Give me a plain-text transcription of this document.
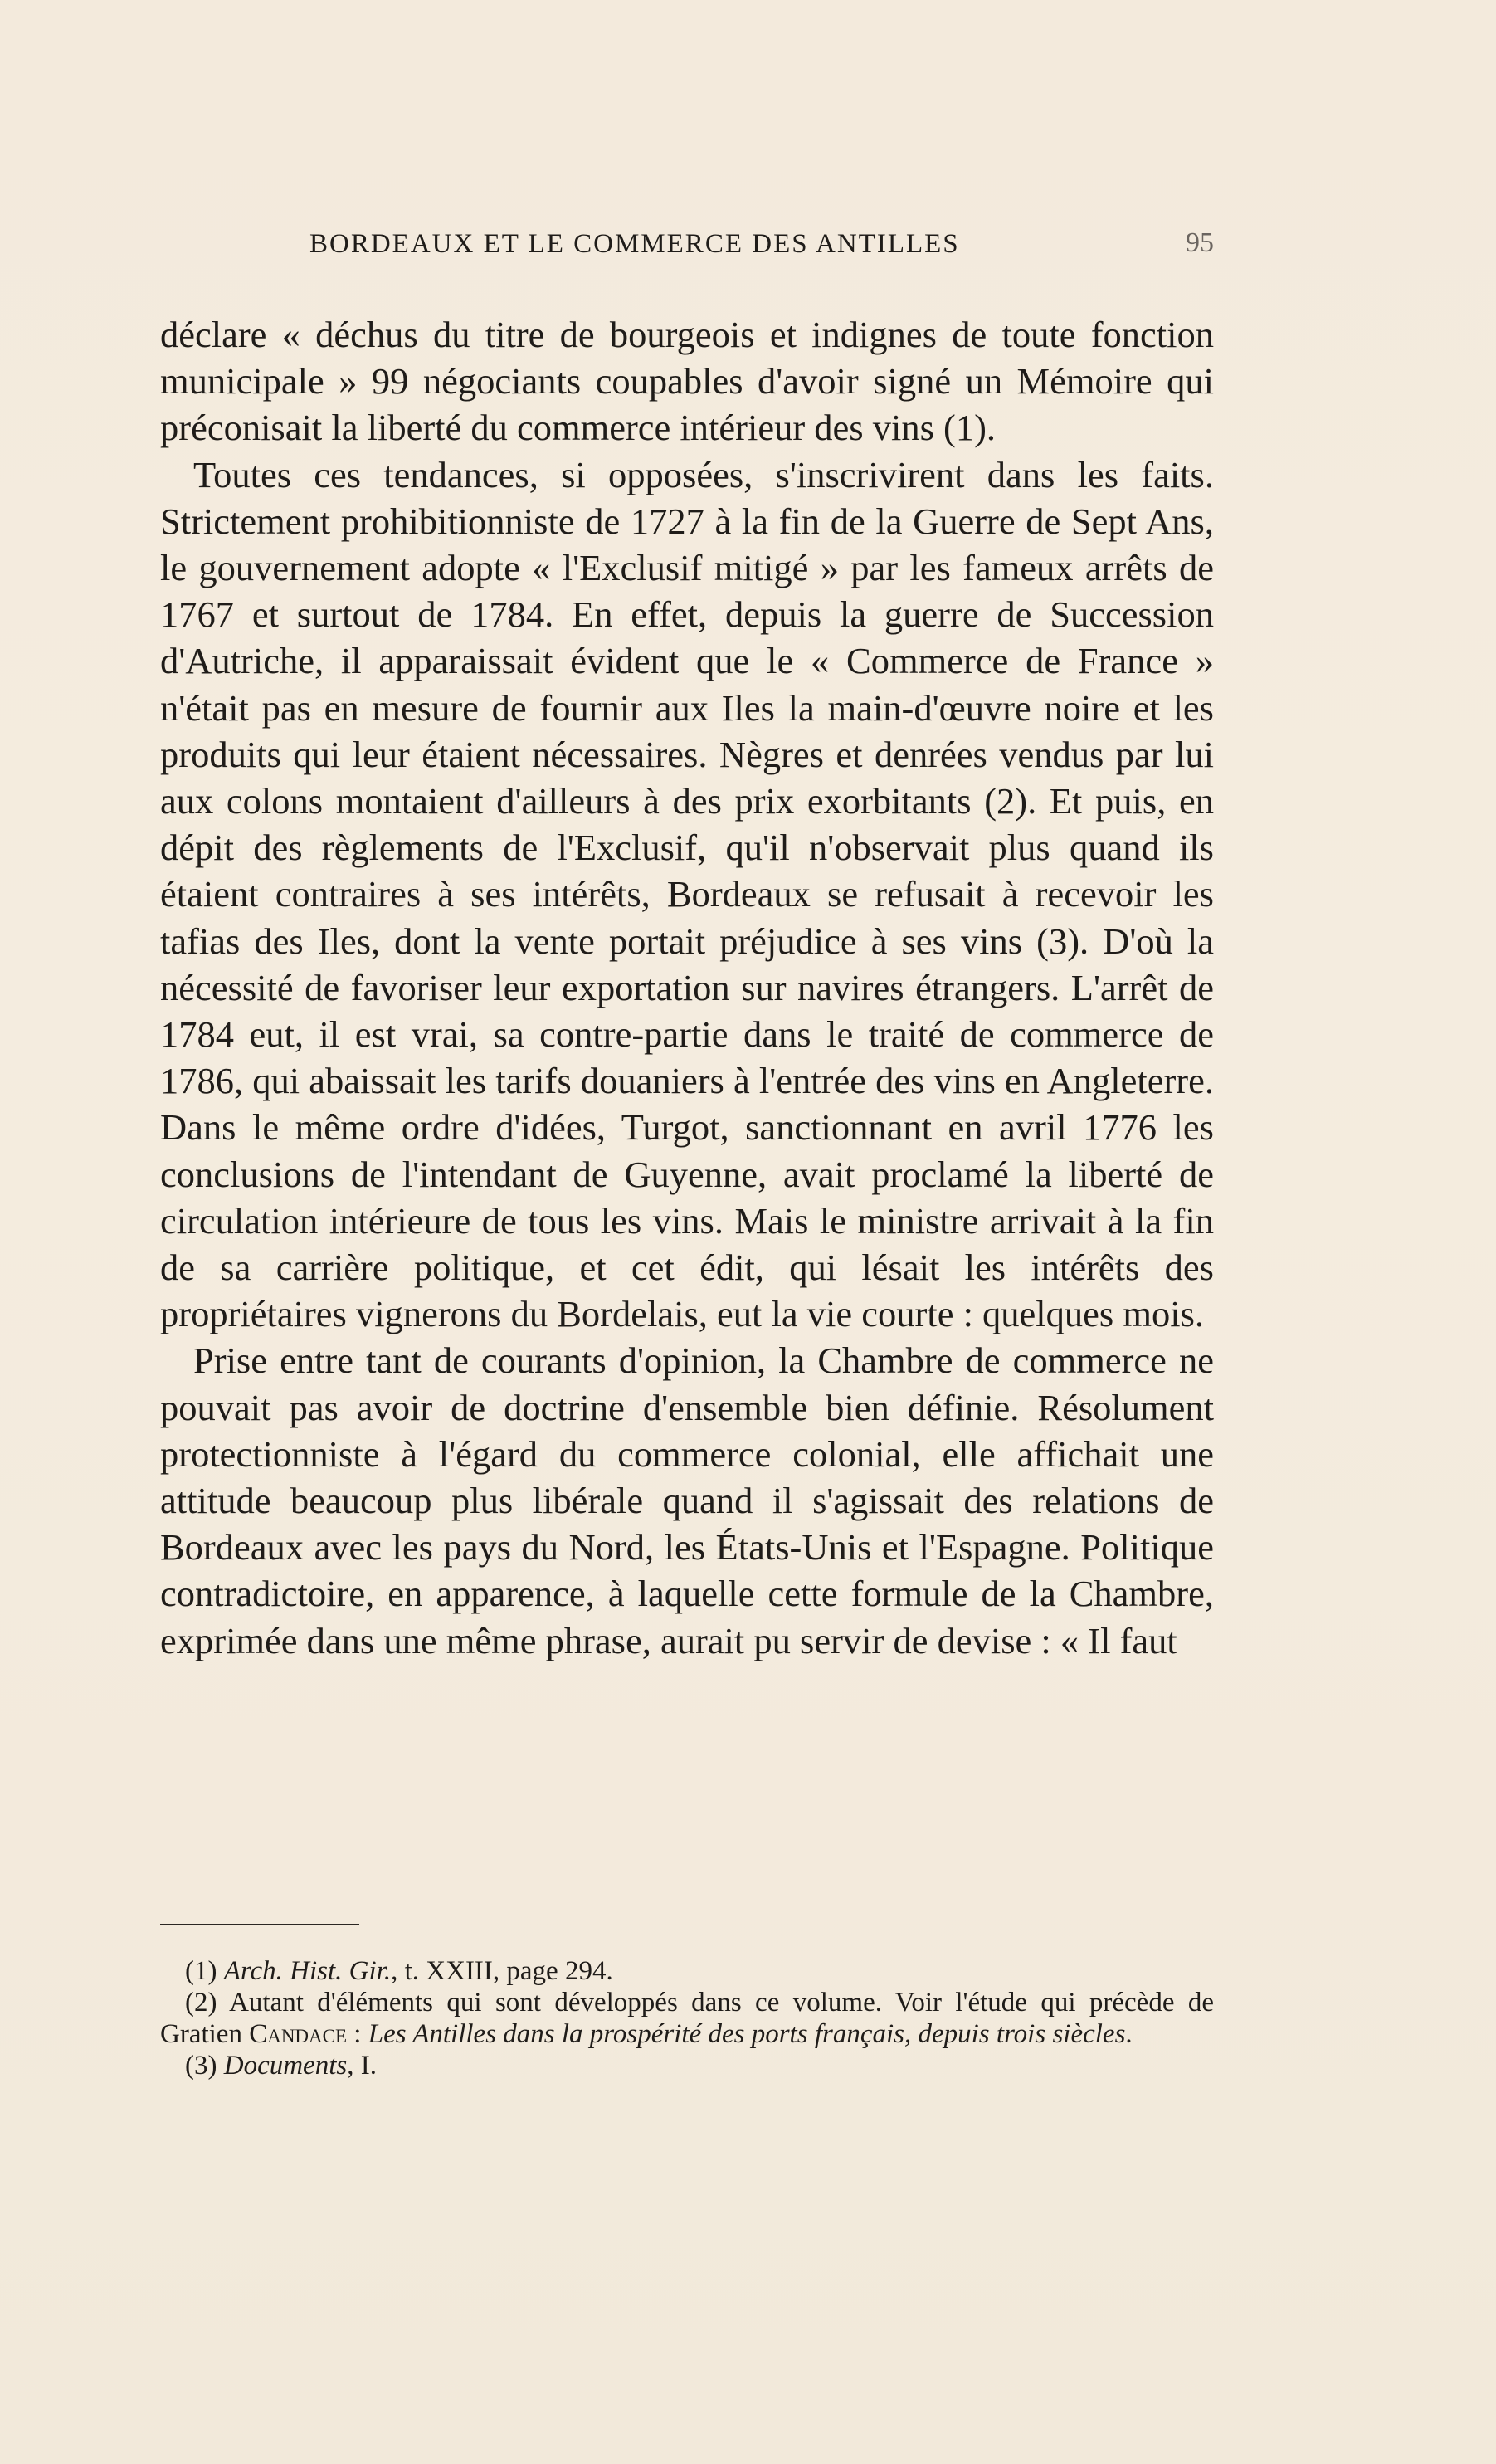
BORDEAUX ET LE COMMERCE DES ANTILLES	95

déclare « déchus du titre de bourgeois et indignes de toute fonction municipale » 99 négociants coupables d'avoir signé un Mémoire qui préconisait la liberté du commerce intérieur des vins (1).

Toutes ces tendances, si opposées, s'inscrivirent dans les faits. Strictement prohibitionniste de 1727 à la fin de la Guerre de Sept Ans, le gouvernement adopte « l'Exclusif mitigé » par les fameux arrêts de 1767 et surtout de 1784. En effet, depuis la guerre de Succession d'Autriche, il apparaissait évident que le « Commerce de France » n'était pas en mesure de fournir aux Iles la main-d'œuvre noire et les produits qui leur étaient nécessaires. Nègres et denrées vendus par lui aux colons montaient d'ailleurs à des prix exorbitants (2). Et puis, en dépit des règlements de l'Exclusif, qu'il n'observait plus quand ils étaient contraires à ses intérêts, Bordeaux se refusait à recevoir les tafias des Iles, dont la vente portait préjudice à ses vins (3). D'où la nécessité de favoriser leur exportation sur navires étrangers. L'arrêt de 1784 eut, il est vrai, sa contre-partie dans le traité de commerce de 1786, qui abaissait les tarifs douaniers à l'entrée des vins en Angleterre. Dans le même ordre d'idées, Turgot, sanctionnant en avril 1776 les conclusions de l'intendant de Guyenne, avait proclamé la liberté de circulation intérieure de tous les vins. Mais le ministre arrivait à la fin de sa carrière politique, et cet édit, qui lésait les intérêts des propriétaires vignerons du Bordelais, eut la vie courte : quelques mois.

Prise entre tant de courants d'opinion, la Chambre de commerce ne pouvait pas avoir de doctrine d'ensemble bien définie. Résolument protectionniste à l'égard du commerce colonial, elle affichait une attitude beaucoup plus libérale quand il s'agissait des relations de Bordeaux avec les pays du Nord, les États-Unis et l'Espagne. Politique contradictoire, en apparence, à laquelle cette formule de la Chambre, exprimée dans une même phrase, aurait pu servir de devise : « Il faut

(1) Arch. Hist. Gir., t. XXIII, page 294.

(2) Autant d'éléments qui sont développés dans ce volume. Voir l'étude qui précède de Gratien Candace : Les Antilles dans la prospérité des ports français, depuis trois siècles.

(3) Documents, I.
